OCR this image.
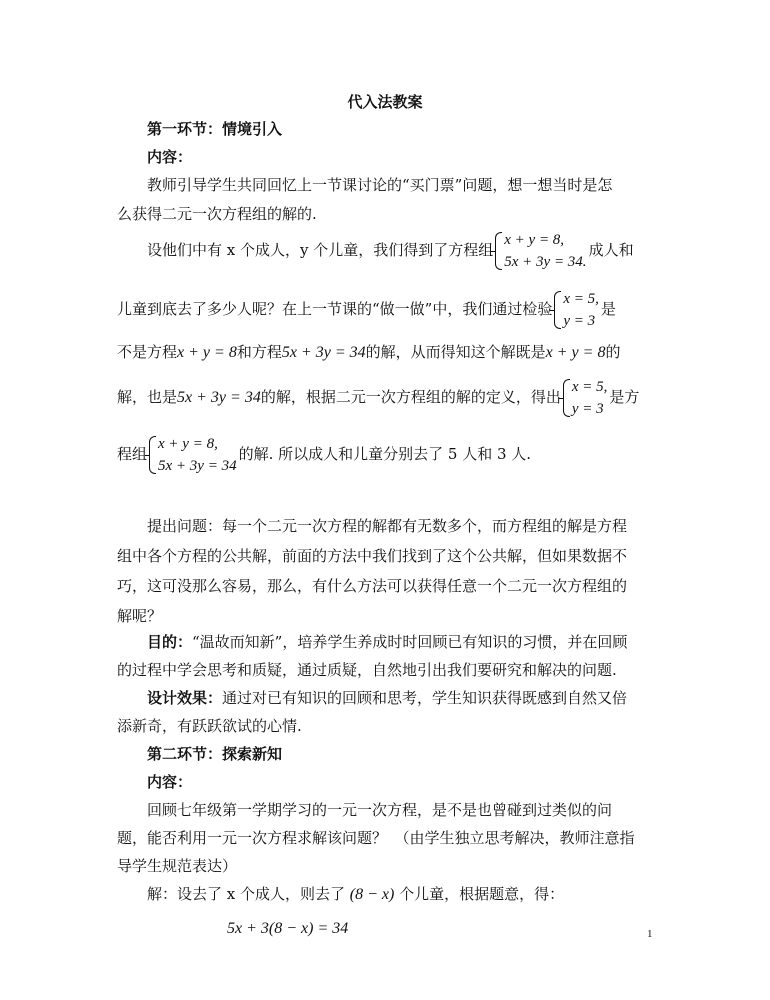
代入法教案
第一环节：情境引入
内容：
教师引导学生共同回忆上一节课讨论的“买门票”问题，想一想当时是怎
么获得二元一次方程组的解的.
设他们中有 x 个成人，y 个儿童，我们得到了方程组
x + y = 8,
5x + 3y = 34.
成人和
儿童到底去了多少人呢？在上一节课的“做一做”中，我们通过检验
x = 5,
y = 3
是
不是方程x + y = 8和方程5x + 3y = 34的解，从而得知这个解既是x + y = 8的
解，也是5x + 3y = 34的解，根据二元一次方程组的解的定义，得出
x = 5,
y = 3
是方
程组
x + y = 8,
5x + 3y = 34
的解. 所以成人和儿童分别去了 5 人和 3 人.
提出问题：每一个二元一次方程的解都有无数多个，而方程组的解是方程
组中各个方程的公共解，前面的方法中我们找到了这个公共解，但如果数据不
巧，这可没那么容易，那么，有什么方法可以获得任意一个二元一次方程组的
解呢？
目的：“温故而知新”，培养学生养成时时回顾已有知识的习惯，并在回顾
的过程中学会思考和质疑，通过质疑，自然地引出我们要研究和解决的问题.
设计效果：通过对已有知识的回顾和思考，学生知识获得既感到自然又倍
添新奇，有跃跃欲试的心情.
第二环节：探索新知
内容：
回顾七年级第一学期学习的一元一次方程，是不是也曾碰到过类似的问
题，能否利用一元一次方程求解该问题？　（由学生独立思考解决，教师注意指
导学生规范表达）
解：设去了 x 个成人，则去了 (8 − x) 个儿童，根据题意，得：
5x + 3(8 − x) = 34	1
